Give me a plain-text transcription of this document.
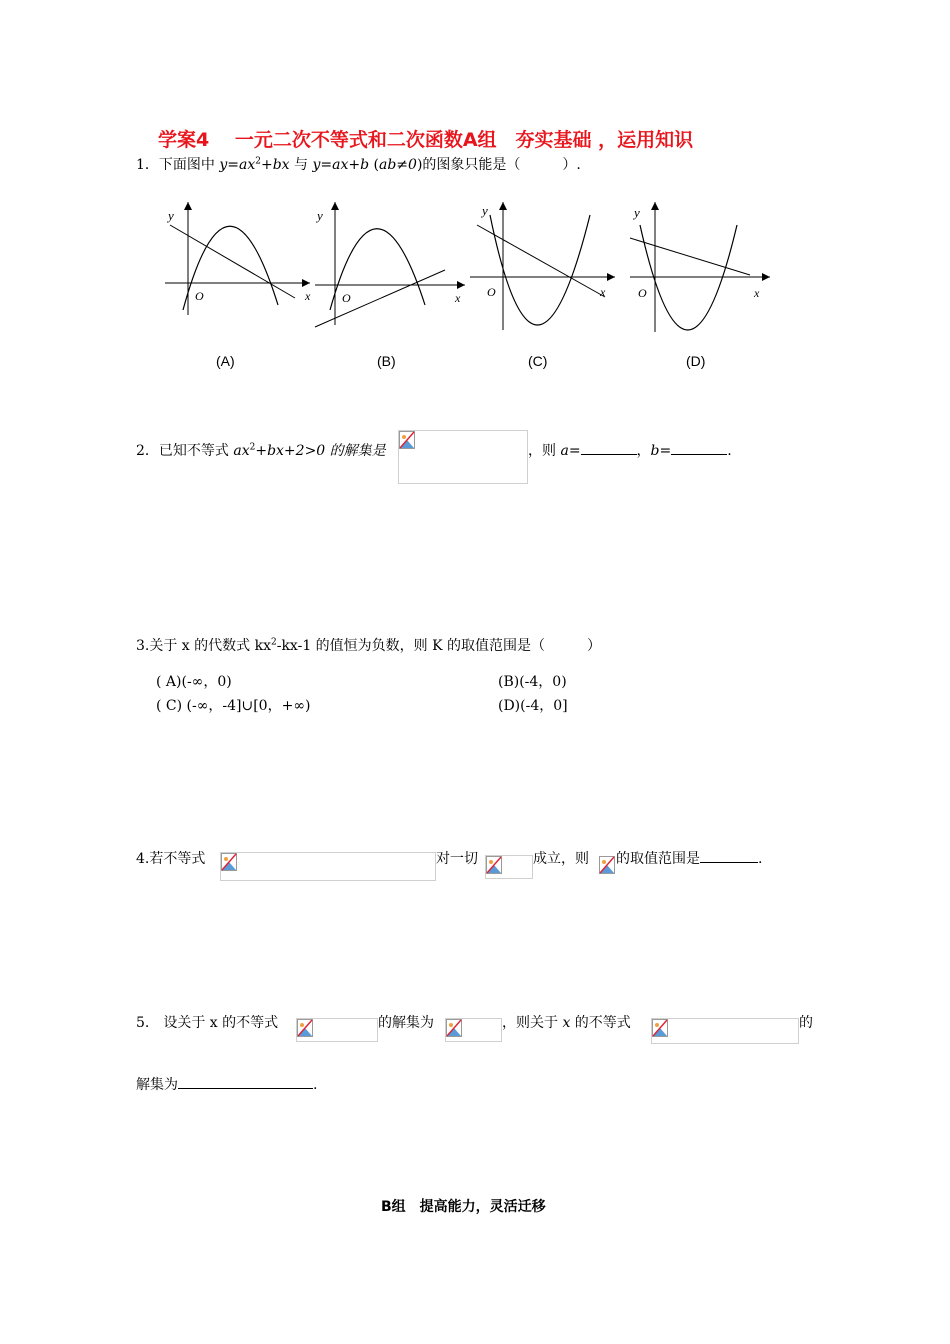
学案4　 一元二次不等式和二次函数A组　夯实基础 ，运用知识
1．下面图中 $y=ax^2+bx$ 与 y=ax+b (ab≠0)的图象只能是（　　　）.
y
O	x
y
O	x
y
O	x
y
O	x
(A)	(B)	(C)	(D)
2．已知不等式 $ax^2+bx+2>0$ 的解集是	，则 a=	，b=	.
3.关于 x 的代数式 $kx^2-kx-1$ 的值恒为负数，则 K 的取值范围是（　　　）
( A)(-∞，0)	(B)(-4，0)
( C) (-∞，-4]∪[0，+∞)	(D)(-4，0]
4.若不等式	对一切	成立，则 的取值范围是	.
5.　设关于 x 的不等式	的解集为	，则关于 x 的不等式	的
解集为	.
B组　提高能力，灵活迁移
